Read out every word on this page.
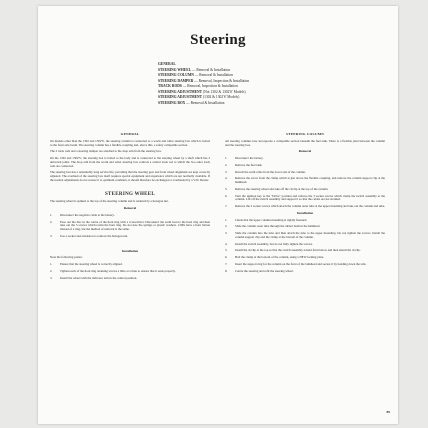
Steering
GENERAL
STEERING WHEEL — Removal & Installation
STEERING COLUMN — Removal & Installation
STEERING DAMPER — Removal, Inspection & Installation
TRACK RODS — Removal, Inspection & Installation
STEERING ADJUSTMENT (Not 1302 & 1302'S' Models)
STEERING ADJUSTMENT (1302 & 1302'S' Models)
STEERING BOX — Removal & Installation
GENERAL
On models other than the 1302 and 1302'S', the steering column is connected to a worm and roller steering box which is bolted to the front axle beam. The steering column has a flexible coupling and, above this, a safety collapsible section.
The 2 track rods and a steering damper are attached to the drop arm from the steering box.
On the 1302 and 1302'S', the steering box is bolted to the body and is connected to the steering wheel by a shaft which has 2 universal joints. The drop arm from the worm and roller steering box controls a central track rod to which the two outer track rods are connected.
The steering box has a remarkably long service life, providing that the steering gear and front wheel alignment are kept correctly adjusted. The overhaul of the steering box itself requires special equipment and experience which are not normally available. If the normal adjustments do not restore it to optimum condition, it should therefore be exchanged or overhauled by a V.W. Dealer.
STEERING WHEEL
The steering wheel is splined to the top of the steering column and is retained by a hexagon nut.
Removal
1.	Disconnect the negative cable at the battery.
2.	Ease out the disc in the centre of the horn ring with a screwdriver. Disconnect the earth lead to the horn ring and then take out the 3 screws which retain the horn ring. Do not lose the springs or plastic washers. 1300s have a horn button instead of a ring, but the method of removal is the same.
3.	Use a socket and extension to remove the hexagon nut.
Installation
Note the following points:
1.	Ensure that the steering wheel is correctly aligned.
2.	Tighten each of the horn ring retaining screws a little at a time to ensure that it seats properly.
3.	Install the wheel with the indicator arm in the central position.
STEERING COLUMN
All steering columns now incorporate a collapsible section beneath the fuel tank. There is a flexible joint between the column and the steering box.
Removal
1.	Disconnect the battery.
2.	Remove the fuel tank.
3.	Detach the earth cable from the lower end of the column.
4.	Remove the screw from the clamp which is just above the flexible coupling, and remove the column support clip at the bulkhead.
5.	Remove the steering wheel and take off the circlip at the top of the column.
6.	Turn the ignition key to the "Drive" position and remove the 3 socket screws which clamp the switch assembly to the column. Lift off the switch assembly and support it so that the cables are not strained.
7.	Remove the 2 socket screws which attach the column outer tube at the upper mounting and take out the column and tube.
Installation
1.	Check that the upper column mounting is rigidly fastened.
2.	Slide the column outer tube through the rubber bush in the bulkhead.
3.	Slide the column into the tube and then attach the tube to the upper mounting. Do not tighten the screws. Install the column support clip and the clamp at the bottom of the column.
4.	Install the switch assembly, but do not fully tighten the screws.
5.	Install the circlip at the top so that the switch assembly is held from below and then install the circlip.
6.	Bolt the clamp at the bottom of the column, using a NEW locking plate.
7.	Insert the support ring for the column on the front of the bulkhead and secure it by bending down the tabs.
8.	Centre the steering and refit the steering wheel.
89
